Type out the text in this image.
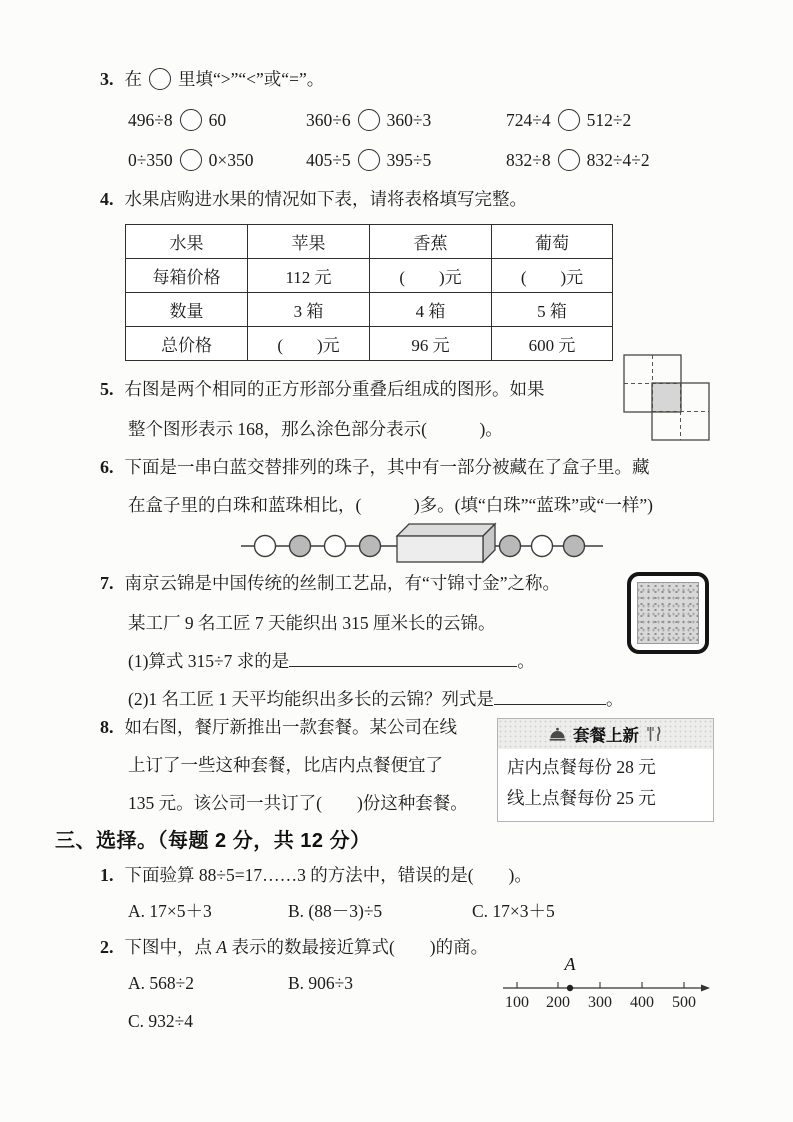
3. 在 里填“>”“<”或“=”。
496÷8 60	360÷6 360÷3	724÷4 512÷2
0÷350 0×350	405÷5 395÷5	832÷8 832÷4÷2
4. 水果店购进水果的情况如下表，请将表格填写完整。
水果	苹果	香蕉	葡萄
每箱价格	112 元	(　　)元	(　　)元
数量	3 箱	4 箱	5 箱
总价格	(　　)元	96 元	600 元
5. 右图是两个相同的正方形部分重叠后组成的图形。如果
整个图形表示 168，那么涂色部分表示(　　　)。
6. 下面是一串白蓝交替排列的珠子，其中有一部分被藏在了盒子里。藏
在盒子里的白珠和蓝珠相比，(　　　)多。(填“白珠”“蓝珠”或“一样”)
7. 南京云锦是中国传统的丝制工艺品，有“寸锦寸金”之称。
某工厂 9 名工匠 7 天能织出 315 厘米长的云锦。
(1)算式 315÷7 求的是	。
(2)1 名工匠 1 天平均能织出多长的云锦？列式是	。
8. 如右图，餐厅新推出一款套餐。某公司在线
上订了一些这种套餐，比店内点餐便宜了
135 元。该公司一共订了(　　)份这种套餐。
套餐上新
店内点餐每份 28 元
线上点餐每份 25 元
三、选择。（每题 2 分，共 12 分）
1. 下面验算 88÷5=17……3 的方法中，错误的是(　　)。
A. 17×5＋3	B. (88－3)÷5	C. 17×3＋5
2. 下图中，点 A 表示的数最接近算式(　　)的商。
A. 568÷2	B. 906÷3
C. 932÷4
A
100 200 300 400 500
